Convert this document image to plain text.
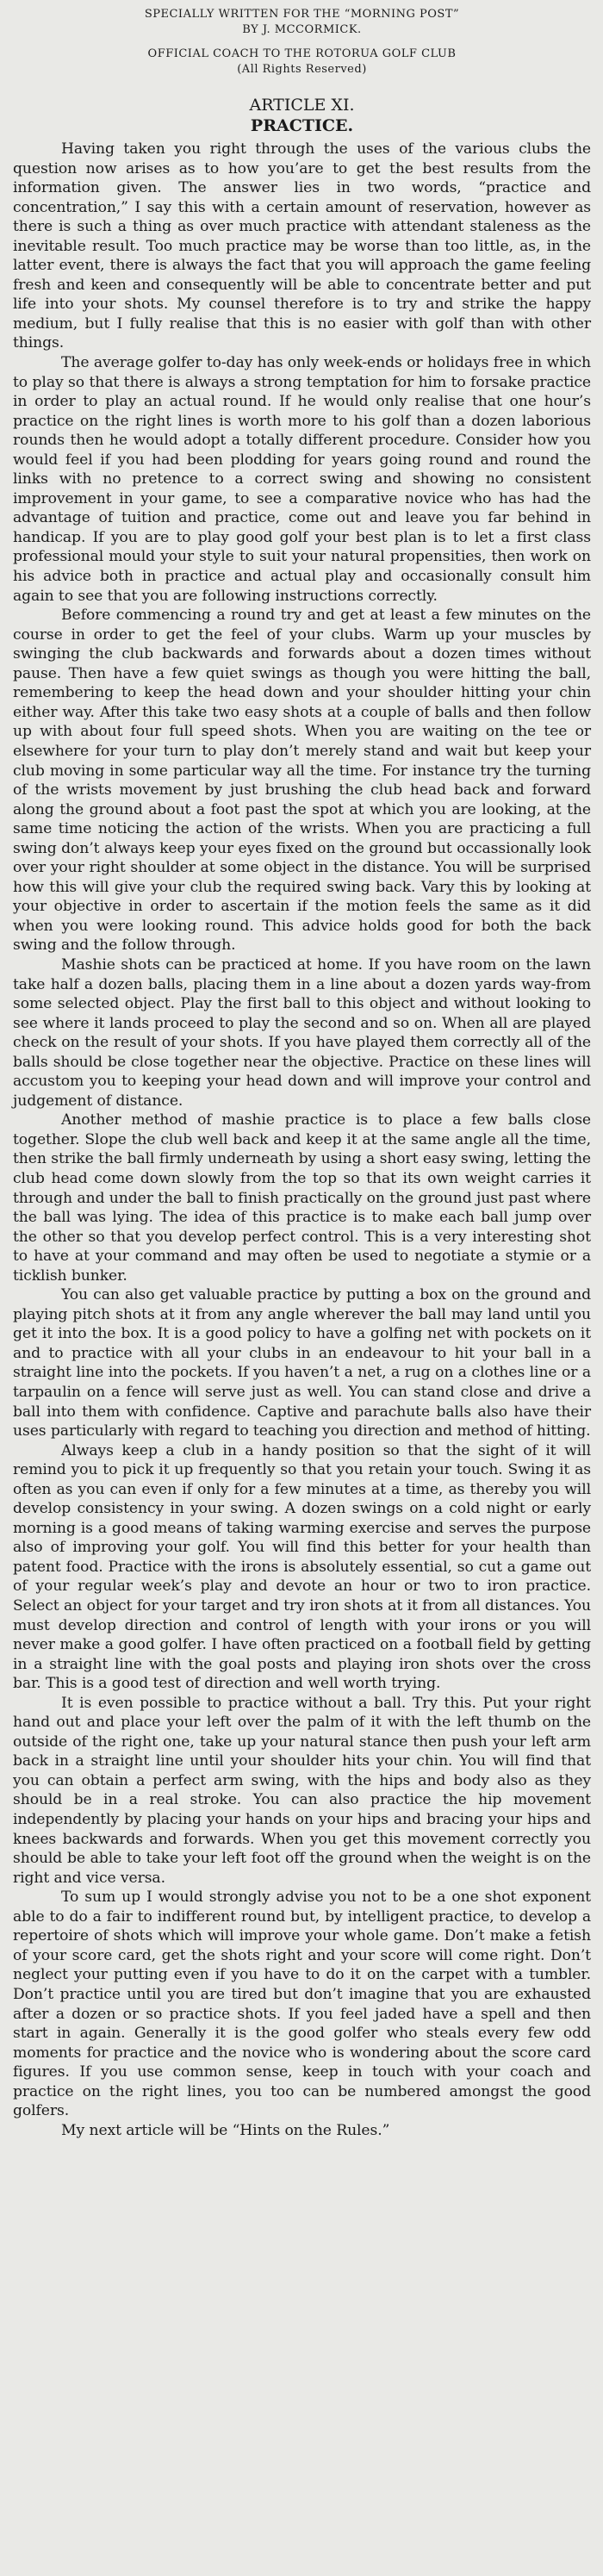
SPECIALLY WRITTEN FOR THE “MORNING POST”
BY J. MCCORMICK.
OFFICIAL COACH TO THE ROTORUA GOLF CLUB
(All Rights Reserved)
ARTICLE XI.
PRACTICE.

Having taken you right through the uses of the various clubs the question now arises as to how you’are to get the best results from the information given. The answer lies in two words, “practice and concentration,” I say this with a certain amount of reservation, however as there is such a thing as over much practice with attendant staleness as the inevitable result. Too much practice may be worse than too little, as, in the latter event, there is always the fact that you will approach the game feeling fresh and keen and consequently will be able to concentrate better and put life into your shots. My counsel therefore is to try and strike the happy medium, but I fully realise that this is no easier with golf than with other things.

The average golfer to-day has only week-ends or holidays free in which to play so that there is always a strong temptation for him to forsake practice in order to play an actual round. If he would only realise that one hour’s practice on the right lines is worth more to his golf than a dozen laborious rounds then he would adopt a totally different procedure. Consider how you would feel if you had been plodding for years going round and round the links with no pretence to a correct swing and showing no consistent improvement in your game, to see a comparative novice who has had the advantage of tuition and practice, come out and leave you far behind in handicap. If you are to play good golf your best plan is to let a first class professional mould your style to suit your natural propensities, then work on his advice both in practice and actual play and occasionally consult him again to see that you are following instructions correctly.

Before commencing a round try and get at least a few minutes on the course in order to get the feel of your clubs. Warm up your muscles by swinging the club backwards and forwards about a dozen times without pause. Then have a few quiet swings as though you were hitting the ball, remembering to keep the head down and your shoulder hitting your chin either way. After this take two easy shots at a couple of balls and then follow up with about four full speed shots. When you are waiting on the tee or elsewhere for your turn to play don’t merely stand and wait but keep your club moving in some particular way all the time. For instance try the turning of the wrists movement by just brushing the club head back and forward along the ground about a foot past the spot at which you are looking, at the same time noticing the action of the wrists. When you are practicing a full swing don’t always keep your eyes fixed on the ground but occassionally look over your right shoulder at some object in the distance. You will be surprised how this will give your club the required swing back. Vary this by looking at your objective in order to ascertain if the motion feels the same as it did when you were looking round. This advice holds good for both the back swing and the follow through.

Mashie shots can be practiced at home. If you have room on the lawn take half a dozen balls, placing them in a line about a dozen yards way-from some selected object. Play the first ball to this object and without looking to see where it lands proceed to play the second and so on. When all are played check on the result of your shots. If you have played them correctly all of the balls should be close together near the objective. Practice on these lines will accustom you to keeping your head down and will improve your control and judgement of distance.

Another method of mashie practice is to place a few balls close together. Slope the club well back and keep it at the same angle all the time, then strike the ball firmly underneath by using a short easy swing, letting the club head come down slowly from the top so that its own weight carries it through and under the ball to finish practically on the ground just past where the ball was lying. The idea of this practice is to make each ball jump over the other so that you develop perfect control. This is a very interesting shot to have at your command and may often be used to negotiate a stymie or a ticklish bunker.

You can also get valuable practice by putting a box on the ground and playing pitch shots at it from any angle wherever the ball may land until you get it into the box. It is a good policy to have a golfing net with pockets on it and to practice with all your clubs in an endeavour to hit your ball in a straight line into the pockets. If you haven’t a net, a rug on a clothes line or a tarpaulin on a fence will serve just as well. You can stand close and drive a ball into them with confidence. Captive and parachute balls also have their uses particularly with regard to teaching you direction and method of hitting.

Always keep a club in a handy position so that the sight of it will remind you to pick it up frequently so that you retain your touch. Swing it as often as you can even if only for a few minutes at a time, as thereby you will develop consistency in your swing. A dozen swings on a cold night or early morning is a good means of taking warming exercise and serves the purpose also of improving your golf. You will find this better for your health than patent food. Practice with the irons is absolutely essential, so cut a game out of your regular week’s play and devote an hour or two to iron practice. Select an object for your target and try iron shots at it from all distances. You must develop direction and control of length with your irons or you will never make a good golfer. I have often practiced on a football field by getting in a straight line with the goal posts and playing iron shots over the cross bar. This is a good test of direction and well worth trying.

It is even possible to practice without a ball. Try this. Put your right hand out and place your left over the palm of it with the left thumb on the outside of the right one, take up your natural stance then push your left arm back in a straight line until your shoulder hits your chin. You will find that you can obtain a perfect arm swing, with the hips and body also as they should be in a real stroke. You can also practice the hip movement independently by placing your hands on your hips and bracing your hips and knees backwards and forwards. When you get this movement correctly you should be able to take your left foot off the ground when the weight is on the right and vice versa.

To sum up I would strongly advise you not to be a one shot exponent able to do a fair to indifferent round but, by intelligent practice, to develop a repertoire of shots which will improve your whole game. Don’t make a fetish of your score card, get the shots right and your score will come right. Don’t neglect your putting even if you have to do it on the carpet with a tumbler. Don’t practice until you are tired but don’t imagine that you are exhausted after a dozen or so practice shots. If you feel jaded have a spell and then start in again. Generally it is the good golfer who steals every few odd moments for practice and the novice who is wondering about the score card figures. If you use common sense, keep in touch with your coach and practice on the right lines, you too can be numbered amongst the good golfers.

My next article will be “Hints on the Rules.”
